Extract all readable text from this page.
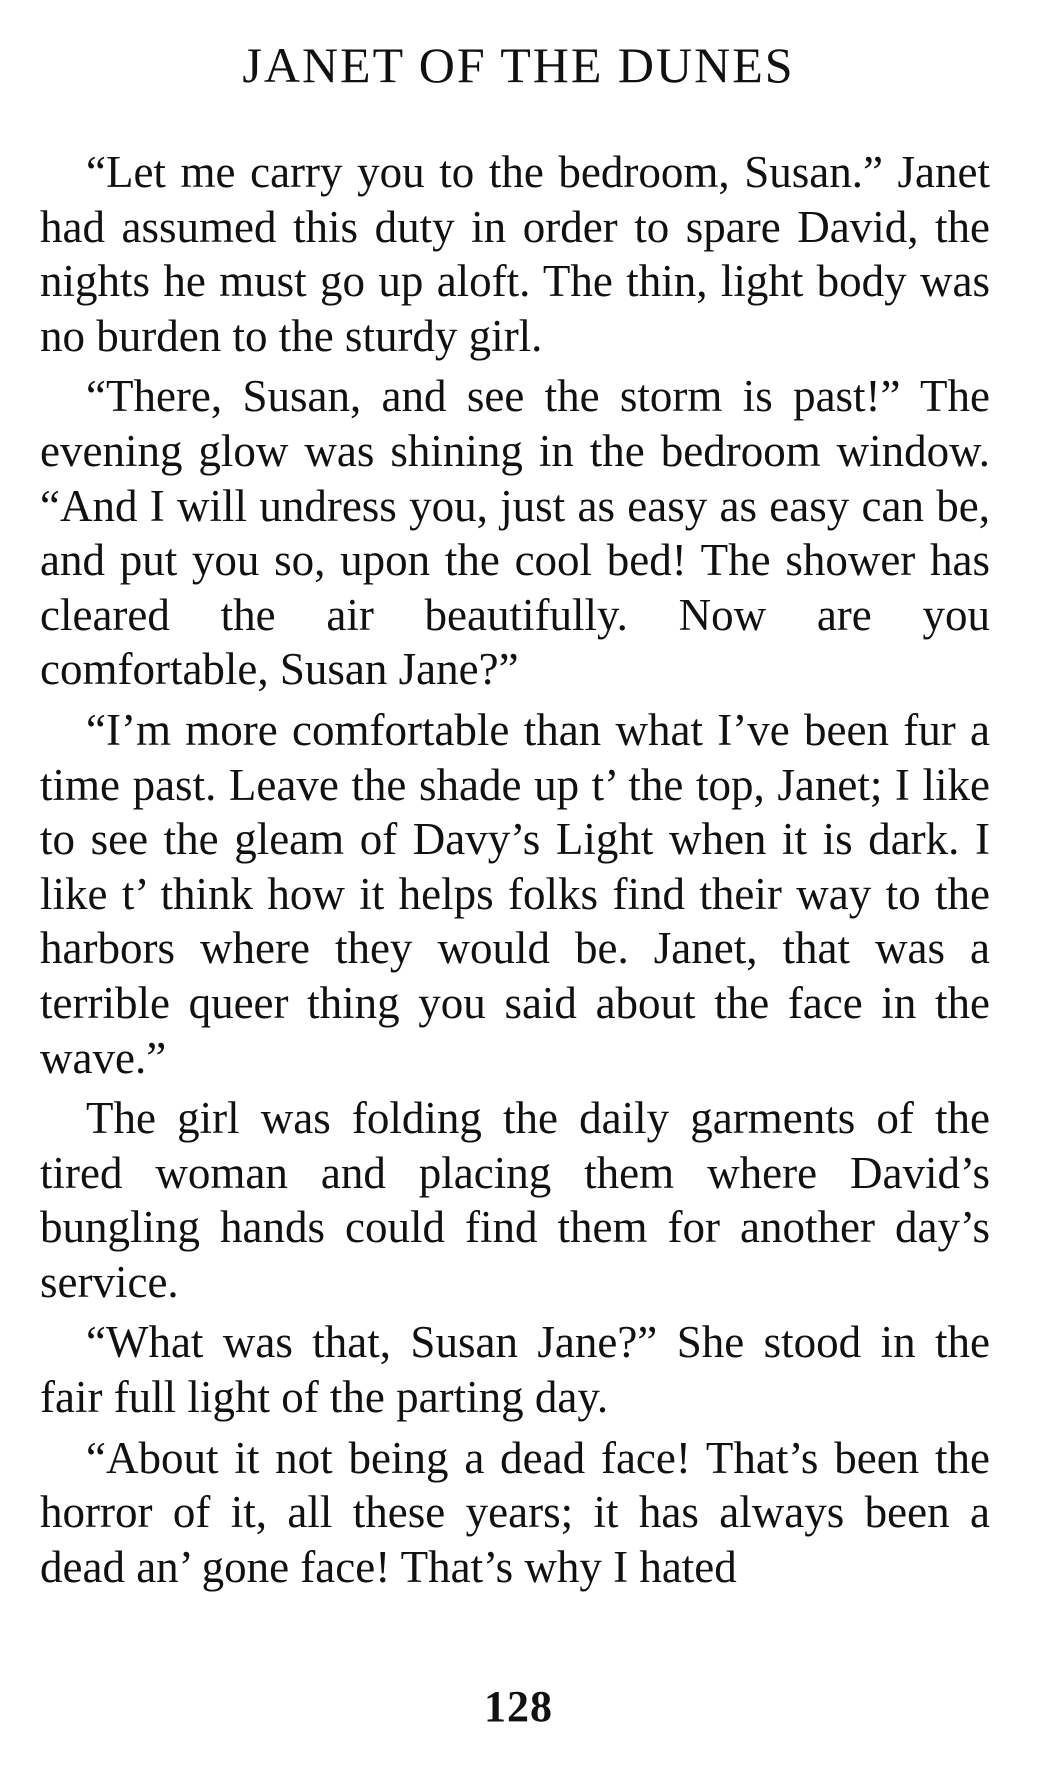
JANET OF THE DUNES

“Let me carry you to the bedroom, Susan.” Janet had assumed this duty in order to spare David, the nights he must go up aloft. The thin, light body was no burden to the sturdy girl.

“There, Susan, and see the storm is past!” The evening glow was shining in the bedroom window. “And I will undress you, just as easy as easy can be, and put you so, upon the cool bed! The shower has cleared the air beautifully. Now are you comfortable, Susan Jane?”

“I’m more comfortable than what I’ve been fur a time past. Leave the shade up t’ the top, Janet; I like to see the gleam of Davy’s Light when it is dark. I like t’ think how it helps folks find their way to the harbors where they would be. Janet, that was a terrible queer thing you said about the face in the wave.”

The girl was folding the daily garments of the tired woman and placing them where David’s bungling hands could find them for another day’s service.

“What was that, Susan Jane?” She stood in the fair full light of the parting day.

“About it not being a dead face! That’s been the horror of it, all these years; it has always been a dead an’ gone face! That’s why I hated

128
